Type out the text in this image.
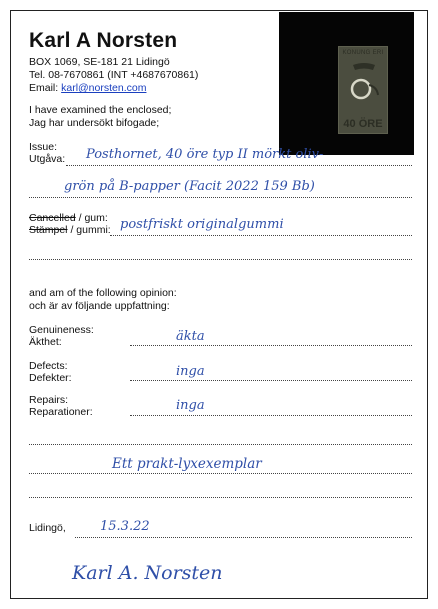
Karl A Norsten
BOX 1069, SE-181 21 Lidingö
Tel. 08-7670861 (INT +4687670861)
Email: karl@norsten.com
KONUNG ERI
40 ÖRE
I have examined the enclosed;
Jag har undersökt bifogade;
Issue:
Utgåva: Posthornet, 40 öre typ II mörkt oliv-
grön på B-papper (Facit 2022 159 Bb)
Cancelled / gum:
Stämpel / gummi: postfriskt originalgummi
and am of the following opinion:
och är av följande uppfattning:
Genuineness:
Äkthet:	äkta
Defects:
Defekter:	inga
Repairs:
Reparationer:	inga
Ett prakt-lyxexemplar
Lidingö,	15.3.22
Karl A. Norsten
